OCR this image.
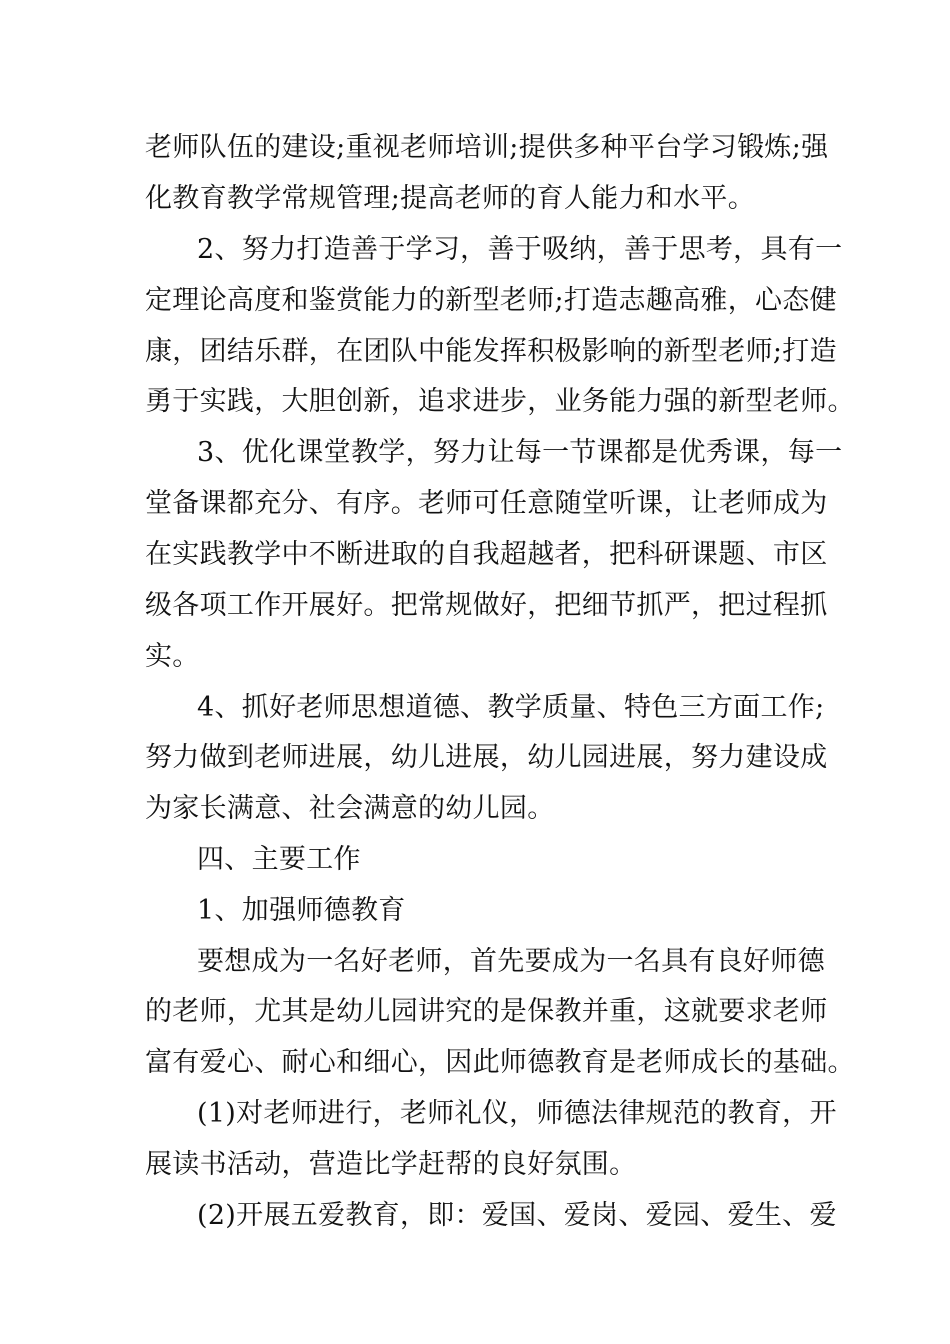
老师队伍的建设;重视老师培训;提供多种平台学习锻炼;强
化教育教学常规管理;提高老师的育人能力和水平。
2、努力打造善于学习，善于吸纳，善于思考，具有一
定理论高度和鉴赏能力的新型老师;打造志趣高雅，心态健
康，团结乐群，在团队中能发挥积极影响的新型老师;打造
勇于实践，大胆创新，追求进步，业务能力强的新型老师。
3、优化课堂教学，努力让每一节课都是优秀课，每一
堂备课都充分、有序。老师可任意随堂听课，让老师成为
在实践教学中不断进取的自我超越者，把科研课题、市区
级各项工作开展好。把常规做好，把细节抓严，把过程抓
实。
4、抓好老师思想道德、教学质量、特色三方面工作;
努力做到老师进展，幼儿进展，幼儿园进展，努力建设成
为家长满意、社会满意的幼儿园。
四、主要工作
1、加强师德教育
要想成为一名好老师，首先要成为一名具有良好师德
的老师，尤其是幼儿园讲究的是保教并重，这就要求老师
富有爱心、耐心和细心，因此师德教育是老师成长的基础。
(1)对老师进行，老师礼仪，师德法律规范的教育，开
展读书活动，营造比学赶帮的良好氛围。
(2)开展五爱教育，即：爱国、爱岗、爱园、爱生、爱
